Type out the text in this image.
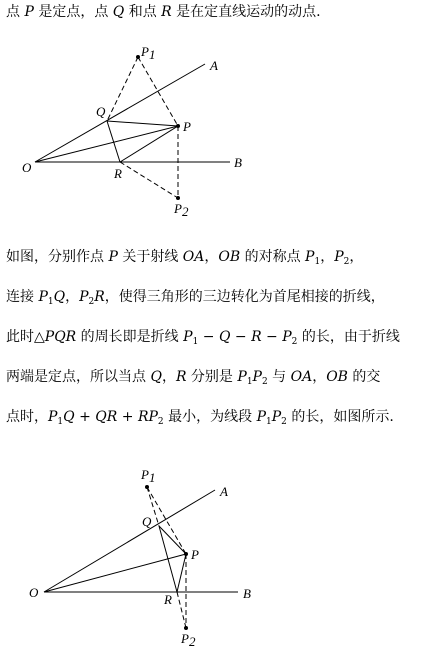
点 P 是定点，点 Q 和点 R 是在定直线运动的动点.
P1
A
Q
P
O	R
B
P2
如图，分别作点 P 关于射线 OA，OB 的对称点 $P_1$，$P_2$，
连接 $P_1Q$，$P_2R$，使得三角形的三边转化为首尾相接的折线，
此时△PQR 的周长即是折线 $P_1 - Q - R - P_2$ 的长，由于折线
两端是定点，所以当点 Q，R 分别是 $P_1P_2$ 与 OA，OB 的交
点时，$P_1Q$ + QR + $RP_2$ 最小，为线段 $P_1P_2$ 的长，如图所示.
P1
A
Q
P
O	R	B
P2
